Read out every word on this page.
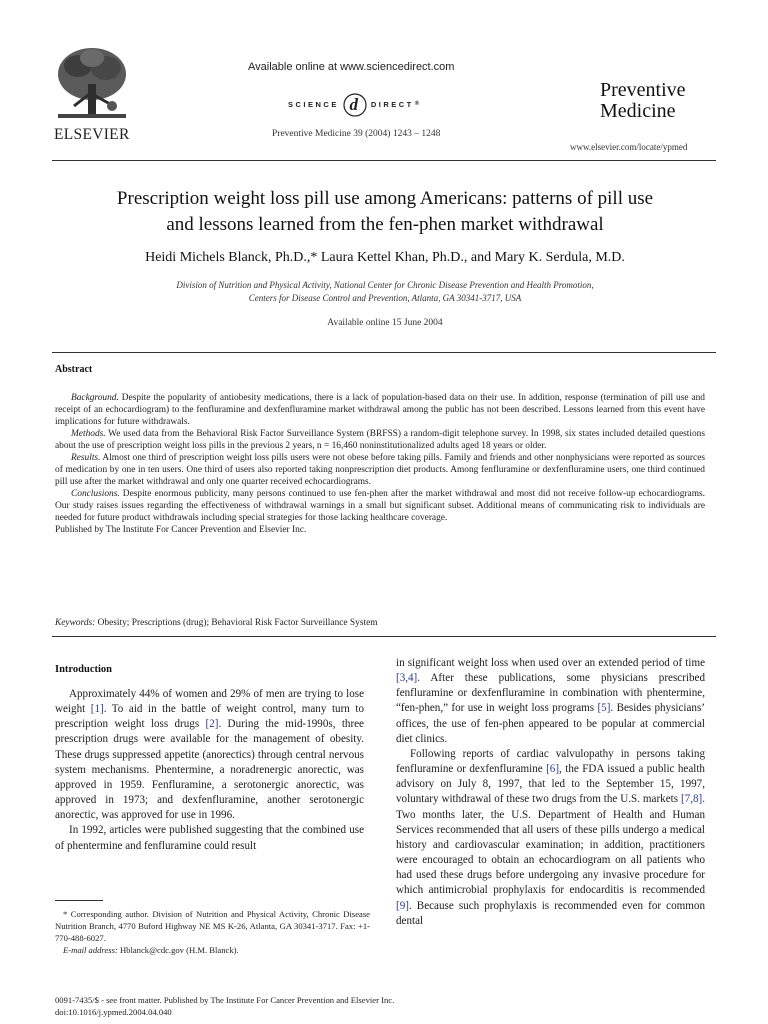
ELSEVIER
Available online at www.sciencedirect.com
SCIENCE d DIRECT ®
Preventive Medicine 39 (2004) 1243 – 1248
Preventive
Medicine
www.elsevier.com/locate/ypmed
Prescription weight loss pill use among Americans: patterns of pill use
and lessons learned from the fen-phen market withdrawal
Heidi Michels Blanck, Ph.D.,* Laura Kettel Khan, Ph.D., and Mary K. Serdula, M.D.
Division of Nutrition and Physical Activity, National Center for Chronic Disease Prevention and Health Promotion,
Centers for Disease Control and Prevention, Atlanta, GA 30341-3717, USA
Available online 15 June 2004
Abstract

Background. Despite the popularity of antiobesity medications, there is a lack of population-based data on their use. In addition, response (termination of pill use and receipt of an echocardiogram) to the fenfluramine and dexfenfluramine market withdrawal among the public has not been described. Lessons learned from this event have implications for future withdrawals.

Methods. We used data from the Behavioral Risk Factor Surveillance System (BRFSS) a random-digit telephone survey. In 1998, six states included detailed questions about the use of prescription weight loss pills in the previous 2 years, n = 16,460 noninstitutionalized adults aged 18 years or older.

Results. Almost one third of prescription weight loss pills users were not obese before taking pills. Family and friends and other nonphysicians were reported as sources of medication by one in ten users. One third of users also reported taking nonprescription diet products. Among fenfluramine or dexfenfluramine users, one third continued pill use after the market withdrawal and only one quarter received echocardiograms.

Conclusions. Despite enormous publicity, many persons continued to use fen-phen after the market withdrawal and most did not receive follow-up echocardiograms. Our study raises issues regarding the effectiveness of withdrawal warnings in a small but significant subset. Additional means of communicating risk to individuals are needed for future product withdrawals including special strategies for those lacking healthcare coverage.

Published by The Institute For Cancer Prevention and Elsevier Inc.

Keywords: Obesity; Prescriptions (drug); Behavioral Risk Factor Surveillance System
Introduction

Approximately 44% of women and 29% of men are trying to lose weight [1]. To aid in the battle of weight control, many turn to prescription weight loss drugs [2]. During the mid-1990s, three prescription drugs were available for the management of obesity. These drugs suppressed appetite (anorectics) through central nervous system mechanisms. Phentermine, a noradrenergic anorectic, was approved in 1959. Fenfluramine, a serotonergic anorectic, was approved in 1973; and dexfenfluramine, another serotonergic anorectic, was approved for use in 1996.

In 1992, articles were published suggesting that the combined use of phentermine and fenfluramine could result

in significant weight loss when used over an extended period of time [3,4]. After these publications, some physicians prescribed fenfluramine or dexfenfluramine in combination with phentermine, “fen-phen,” for use in weight loss programs [5]. Besides physicians’ offices, the use of fen-phen appeared to be popular at commercial diet clinics.

Following reports of cardiac valvulopathy in persons taking fenfluramine or dexfenfluramine [6], the FDA issued a public health advisory on July 8, 1997, that led to the September 15, 1997, voluntary withdrawal of these two drugs from the U.S. markets [7,8]. Two months later, the U.S. Department of Health and Human Services recommended that all users of these pills undergo a medical history and cardiovascular examination; in addition, practitioners were encouraged to obtain an echocardiogram on all patients who had used these drugs before undergoing any invasive procedure for which antimicrobial prophylaxis for endocarditis is recommended [9]. Because such prophylaxis is recommended even for common dental

* Corresponding author. Division of Nutrition and Physical Activity, Chronic Disease Nutrition Branch, 4770 Buford Highway NE MS K-26, Atlanta, GA 30341-3717. Fax: +1-770-488-6027.

E-mail address: Hblanck@cdc.gov (H.M. Blanck).

0091-7435/$ - see front matter. Published by The Institute For Cancer Prevention and Elsevier Inc.
doi:10.1016/j.ypmed.2004.04.040
